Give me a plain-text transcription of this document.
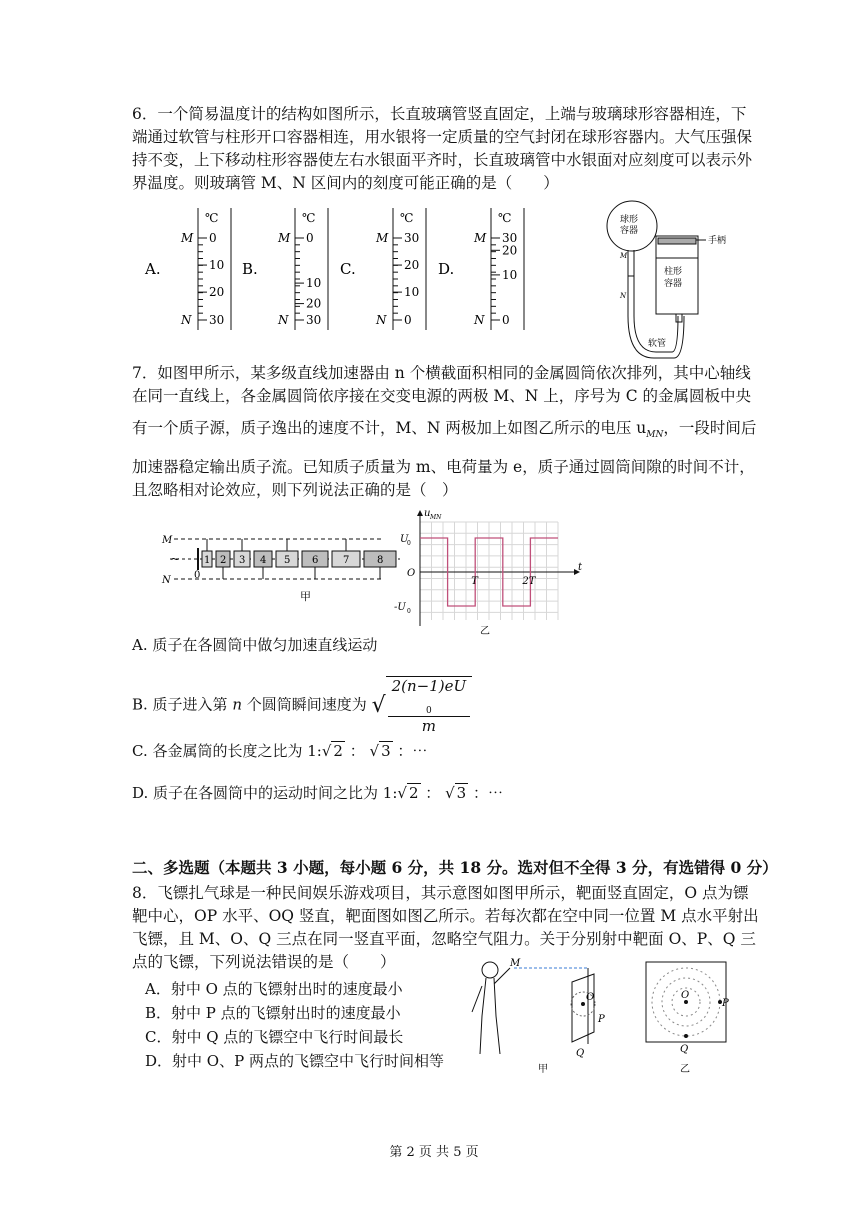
6．一个简易温度计的结构如图所示，长直玻璃管竖直固定，上端与玻璃球形容器相连，下
端通过软管与柱形开口容器相连，用水银将一定质量的空气封闭在球形容器内。大气压强保
持不变，上下移动柱形容器使左右水银面平齐时，长直玻璃管中水银面对应刻度可以表示外
界温度。则玻璃管 M、N 区间内的刻度可能正确的是（　　）
A.
℃
M
N
0
10
20
30
B.
℃
M
N
0
10
20
30
C.
℃
M
N
30
20
10
0
D.
℃
M
N
30
20
10
0
球形
容器
柱形
容器
手柄
软管
M
N
7．如图甲所示，某多级直线加速器由 n 个横截面积相同的金属圆筒依次排列，其中心轴线
在同一直线上，各金属圆筒依序接在交变电源的两极 M、N 上，序号为 C 的金属圆板中央
有一个质子源，质子逸出的速度不计，M、N 两极加上如图乙所示的电压 $u_{MN}$，一段时间后
加速器稳定输出质子流。已知质子质量为 m、电荷量为 e，质子通过圆筒间隙的时间不计，
且忽略相对论效应，则下列说法正确的是（　）
1 2 3 4 5 6 7	8
M
N
~
0
甲
u MN
U
0
-U 0
O
t
T	2T
乙
A. 质子在各圆筒中做匀加速直线运动
B. 质子进入第 n 个圆筒瞬间速度为 √ 2(n−1)eU
$_0$
m
C. 各金属筒的长度之比为 1:√ 2 ： √ 3 ：⋯
D. 质子在各圆筒中的运动时间之比为 1:√ 2 ： √ 3 ：⋯
二、多选题（本题共 3 小题，每小题 6 分，共 18 分。选对但不全得 3 分，有选错得 0 分）
8．飞镖扎气球是一种民间娱乐游戏项目，其示意图如图甲所示，靶面竖直固定，O 点为镖
靶中心，OP 水平、OQ 竖直，靶面图如图乙所示。若每次都在空中同一位置 M 点水平射出
飞镖，且 M、O、Q 三点在同一竖直平面，忽略空气阻力。关于分别射中靶面 O、P、Q 三
点的飞镖，下列说法错误的是（　　）
A．射中 O 点的飞镖射出时的速度最小
B．射中 P 点的飞镖射出时的速度最小
C．射中 Q 点的飞镖空中飞行时间最长
D．射中 O、P 两点的飞镖空中飞行时间相等
M
O
P
Q
甲
O
P
Q
乙
第 2 页 共 5 页
